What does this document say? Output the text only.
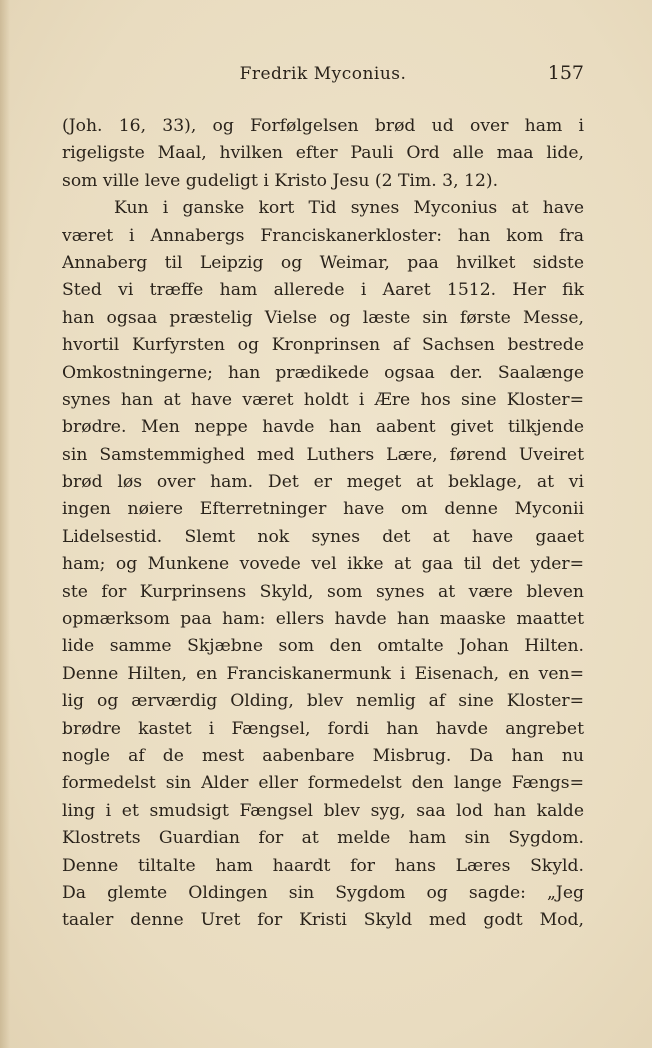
Fredrik Myconius.	157
(Joh. 16, 33), og Forfølgelsen brød ud over ham i
rigeligste Maal, hvilken efter Pauli Ord alle maa lide,
som ville leve gudeligt i Kristo Jesu (2 Tim. 3, 12).
Kun i ganske kort Tid synes Myconius at have
været i Annabergs Franciskanerkloster: han kom fra
Annaberg til Leipzig og Weimar, paa hvilket sidste
Sted vi træffe ham allerede i Aaret 1512. Her fik
han ogsaa præstelig Vielse og læste sin første Messe,
hvortil Kurfyrsten og Kronprinsen af Sachsen bestrede
Omkostningerne; han prædikede ogsaa der. Saalænge
synes han at have været holdt i Ære hos sine Kloster=
brødre. Men neppe havde han aabent givet tilkjende
sin Samstemmighed med Luthers Lære, førend Uveiret
brød løs over ham. Det er meget at beklage, at vi
ingen nøiere Efterretninger have om denne Myconii
Lidelsestid. Slemt nok synes det at have gaaet
ham; og Munkene vovede vel ikke at gaa til det yder=
ste for Kurprinsens Skyld, som synes at være bleven
opmærksom paa ham: ellers havde han maaske maattet
lide samme Skjæbne som den omtalte Johan Hilten.
Denne Hilten, en Franciskanermunk i Eisenach, en ven=
lig og ærværdig Olding, blev nemlig af sine Kloster=
brødre kastet i Fængsel, fordi han havde angrebet
nogle af de mest aabenbare Misbrug. Da han nu
formedelst sin Alder eller formedelst den lange Fængs=
ling i et smudsigt Fængsel blev syg, saa lod han kalde
Klostrets Guardian for at melde ham sin Sygdom.
Denne tiltalte ham haardt for hans Læres Skyld.
Da glemte Oldingen sin Sygdom og sagde: „Jeg
taaler denne Uret for Kristi Skyld med godt Mod,
